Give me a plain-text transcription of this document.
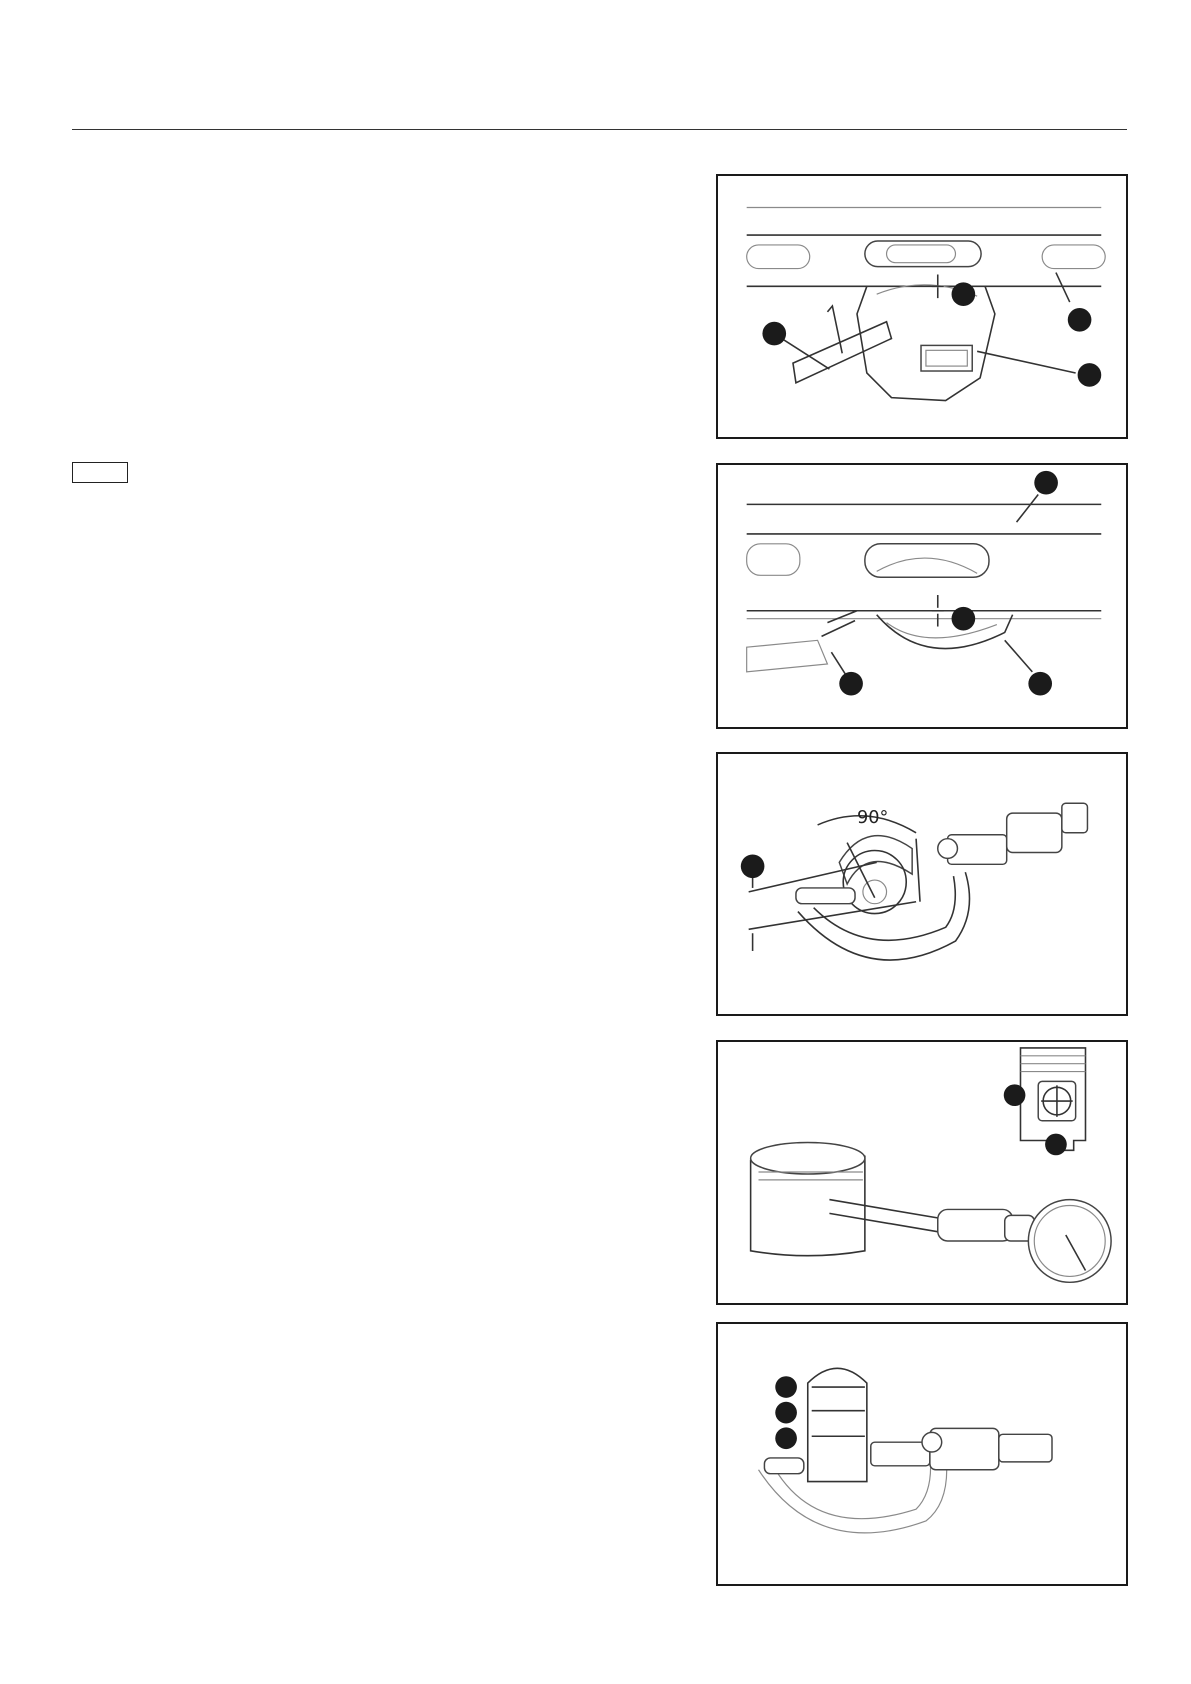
90°
